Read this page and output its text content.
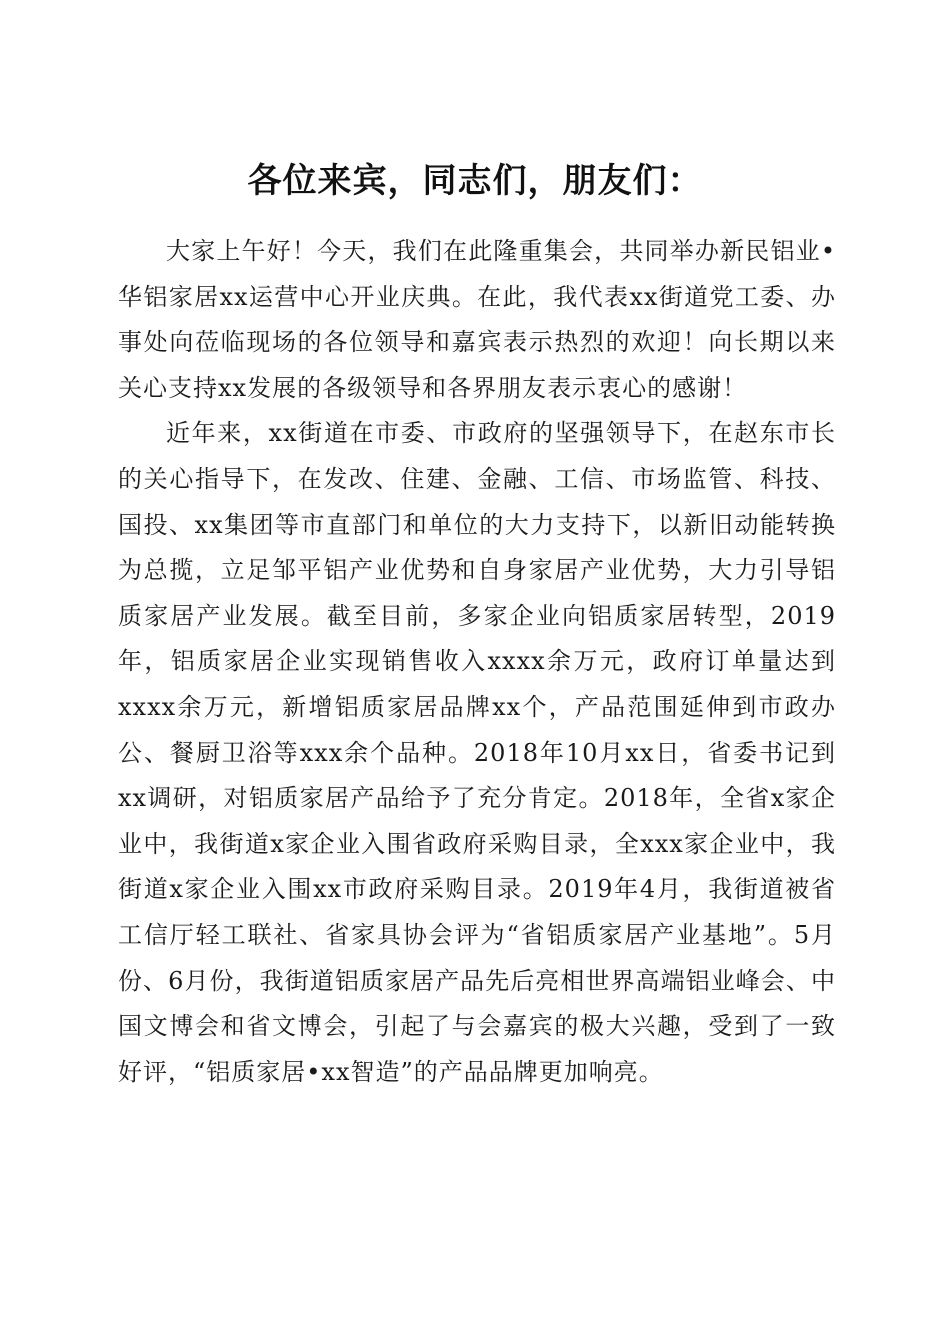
各位来宾，同志们，朋友们：

大家上午好！今天，我们在此隆重集会，共同举办新民铝业•华铝家居xx运营中心开业庆典。在此，我代表xx街道党工委、办事处向莅临现场的各位领导和嘉宾表示热烈的欢迎！向长期以来关心支持xx发展的各级领导和各界朋友表示衷心的感谢！

近年来，xx街道在市委、市政府的坚强领导下，在赵东市长的关心指导下，在发改、住建、金融、工信、市场监管、科技、国投、xx集团等市直部门和单位的大力支持下，以新旧动能转换为总揽，立足邹平铝产业优势和自身家居产业优势，大力引导铝质家居产业发展。截至目前，多家企业向铝质家居转型，2019年，铝质家居企业实现销售收入xxxx余万元，政府订单量达到xxxx余万元，新增铝质家居品牌xx个，产品范围延伸到市政办公、餐厨卫浴等xxx余个品种。2018年10月xx日，省委书记到xx调研，对铝质家居产品给予了充分肯定。2018年，全省x家企业中，我街道x家企业入围省政府采购目录，全xxx家企业中，我街道x家企业入围xx市政府采购目录。2019年4月，我街道被省工信厅轻工联社、省家具协会评为“省铝质家居产业基地”。5月份、6月份，我街道铝质家居产品先后亮相世界高端铝业峰会、中国文博会和省文博会，引起了与会嘉宾的极大兴趣，受到了一致好评，“铝质家居•xx智造”的产品品牌更加响亮。
